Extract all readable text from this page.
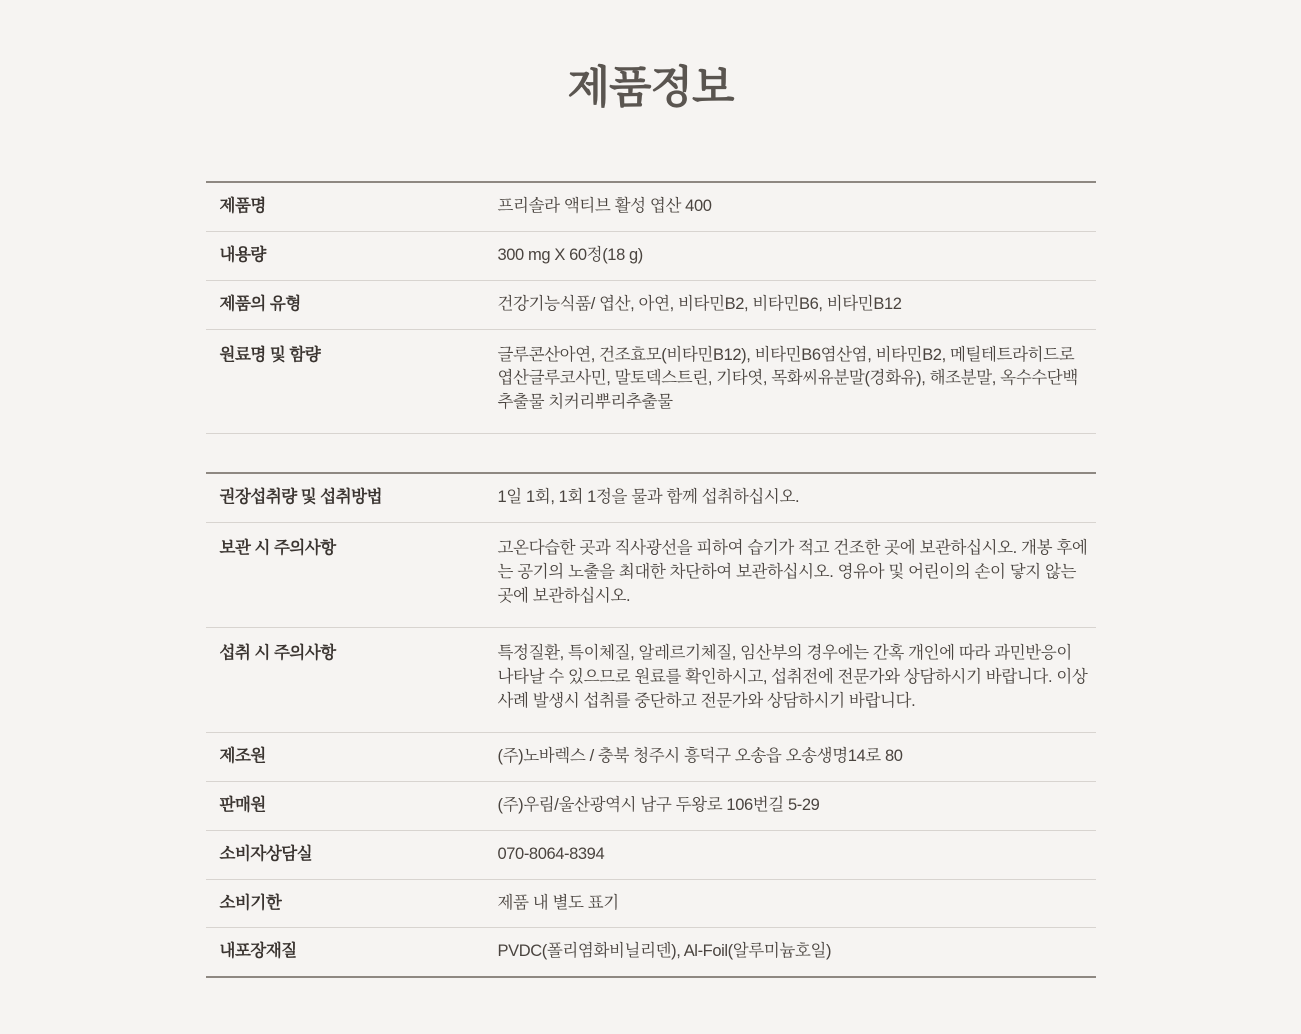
제품정보
제품명	프리솔라 액티브 활성 엽산 400
내용량	300 mg X 60정(18 g)
제품의 유형	건강기능식품/ 엽산, 아연, 비타민B2, 비타민B6, 비타민B12
원료명 및 함량	글루콘산아연, 건조효모(비타민B12), 비타민B6염산염, 비타민B2, 메틸테트라히드로엽산글루코사민, 말토덱스트린, 기타엿, 목화씨유분말(경화유), 해조분말, 옥수수단백추출물 치커리뿌리추출물

권장섭취량 및 섭취방법	1일 1회, 1회 1정을 물과 함께 섭취하십시오.
보관 시 주의사항	고온다습한 곳과 직사광선을 피하여 습기가 적고 건조한 곳에 보관하십시오. 개봉 후에는 공기의 노출을 최대한 차단하여 보관하십시오. 영유아 및 어린이의 손이 닿지 않는 곳에 보관하십시오.
섭취 시 주의사항	특정질환, 특이체질, 알레르기체질, 임산부의 경우에는 간혹 개인에 따라 과민반응이 나타날 수 있으므로 원료를 확인하시고, 섭취전에 전문가와 상담하시기 바랍니다. 이상사례 발생시 섭취를 중단하고 전문가와 상담하시기 바랍니다.
제조원	(주)노바렉스 / 충북 청주시 흥덕구 오송읍 오송생명14로 80
판매원	(주)우림/울산광역시 남구 두왕로 106번길 5-29
소비자상담실	070-8064-8394
소비기한	제품 내 별도 표기
내포장재질	PVDC(폴리염화비닐리덴), Al-Foil(알루미늄호일)
